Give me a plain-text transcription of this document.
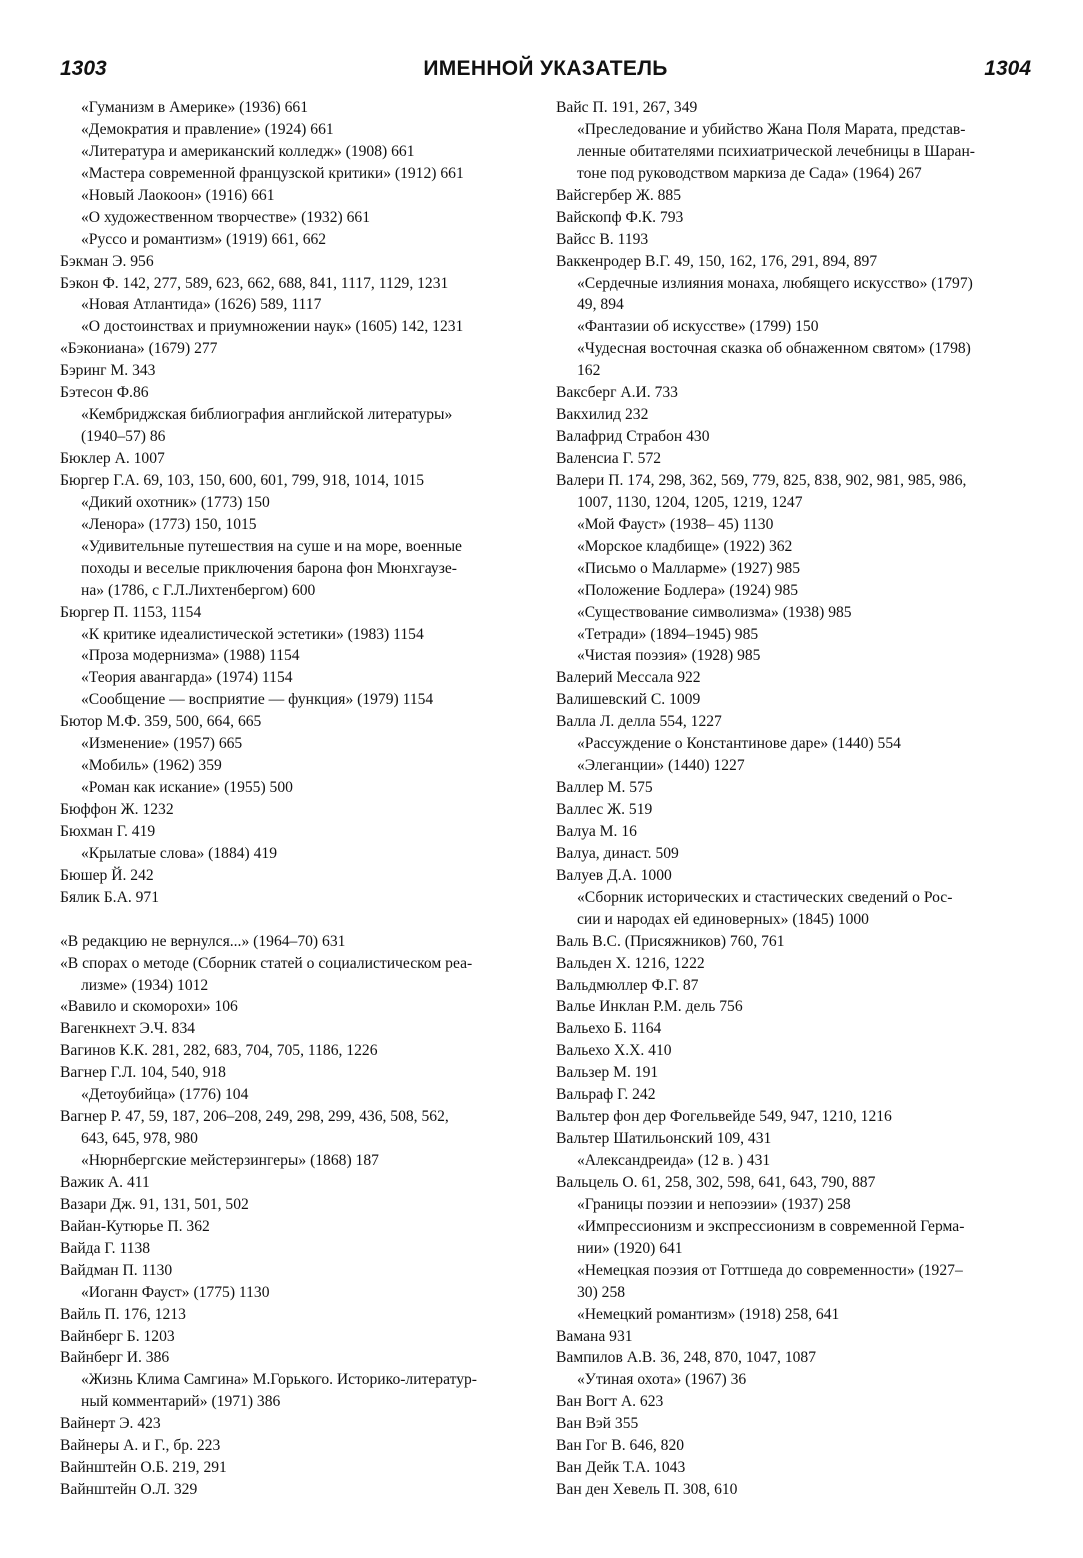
1303	ИМЕННОЙ УКАЗАТЕЛЬ	1304
«Гуманизм в Америке» (1936) 661
«Демократия и правление» (1924) 661
«Литература и американский колледж» (1908) 661
«Мастера современной французской критики» (1912) 661
«Новый Лаокоон» (1916) 661
«О художественном творчестве» (1932) 661
«Руссо и романтизм» (1919) 661, 662
Бэкман Э. 956
Бэкон Ф. 142, 277, 589, 623, 662, 688, 841, 1117, 1129, 1231
«Новая Атлантида» (1626) 589, 1117
«О достоинствах и приумножении наук» (1605) 142, 1231
«Бэкониана» (1679) 277
Бэринг М. 343
Бэтесон Ф.86
«Кембриджская библиография английской литературы»
(1940–57) 86
Бюклер А. 1007
Бюргер Г.А. 69, 103, 150, 600, 601, 799, 918, 1014, 1015
«Дикий охотник» (1773) 150
«Ленора» (1773) 150, 1015
«Удивительные путешествия на суше и на море, военные
походы и веселые приключения барона фон Мюнхгаузе-
на» (1786, с Г.Л.Лихтенбергом) 600
Бюргер П. 1153, 1154
«К критике идеалистической эстетики» (1983) 1154
«Проза модернизма» (1988) 1154
«Теория авангарда» (1974) 1154
«Сообщение — восприятие — функция» (1979) 1154
Бютор М.Ф. 359, 500, 664, 665
«Изменение» (1957) 665
«Мобиль» (1962) 359
«Роман как искание» (1955) 500
Бюффон Ж. 1232
Бюхман Г. 419
«Крылатые слова» (1884) 419
Бюшер Й. 242
Бялик Б.А. 971
«В редакцию не вернулся...» (1964–70) 631
«В спорах о методе (Сборник статей о социалистическом реа-
лизме» (1934) 1012
«Вавило и скоморохи» 106
Вагенкнехт Э.Ч. 834
Вагинов К.К. 281, 282, 683, 704, 705, 1186, 1226
Вагнер Г.Л. 104, 540, 918
«Детоубийца» (1776) 104
Вагнер Р. 47, 59, 187, 206–208, 249, 298, 299, 436, 508, 562,
643, 645, 978, 980
«Нюрнбергские мейстерзингеры» (1868) 187
Важик А. 411
Вазари Дж. 91, 131, 501, 502
Вайан-Кутюрье П. 362
Вайда Г. 1138
Вайдман П. 1130
«Иоганн Фауст» (1775) 1130
Вайль П. 176, 1213
Вайнберг Б. 1203
Вайнберг И. 386
«Жизнь Клима Самгина» М.Горького. Историко-литератур-
ный комментарий» (1971) 386
Вайнерт Э. 423
Вайнеры А. и Г., бр. 223
Вайнштейн О.Б. 219, 291
Вайнштейн О.Л. 329
Вайс П. 191, 267, 349
«Преследование и убийство Жана Поля Марата, представ-
ленные обитателями психиатрической лечебницы в Шаран-
тоне под руководством маркиза де Сада» (1964) 267
Вайсгербер Ж. 885
Вайскопф Ф.К. 793
Вайсс В. 1193
Ваккенродер В.Г. 49, 150, 162, 176, 291, 894, 897
«Сердечные излияния монаха, любящего искусство» (1797)
49, 894
«Фантазии об искусстве» (1799) 150
«Чудесная восточная сказка об обнаженном святом» (1798)
162
Ваксберг А.И. 733
Вакхилид 232
Валафрид Страбон 430
Валенсиа Г. 572
Валери П. 174, 298, 362, 569, 779, 825, 838, 902, 981, 985, 986,
1007, 1130, 1204, 1205, 1219, 1247
«Мой Фауст» (1938– 45) 1130
«Морское кладбище» (1922) 362
«Письмо о Малларме» (1927) 985
«Положение Бодлера» (1924) 985
«Существование символизма» (1938) 985
«Тетради» (1894–1945) 985
«Чистая поэзия» (1928) 985
Валерий Мессала 922
Валишевский С. 1009
Валла Л. делла 554, 1227
«Рассуждение о Константинове даре» (1440) 554
«Элеганции» (1440) 1227
Валлер М. 575
Валлес Ж. 519
Валуа М. 16
Валуа, династ. 509
Валуев Д.А. 1000
«Сборник исторических и стастических сведений о Рос-
сии и народах ей единоверных» (1845) 1000
Валь В.С. (Присяжников) 760, 761
Вальден Х. 1216, 1222
Вальдмюллер Ф.Г. 87
Валье Инклан Р.М. дель 756
Вальехо Б. 1164
Вальехо Х.Х. 410
Вальзер М. 191
Вальраф Г. 242
Вальтер фон дер Фогельвейде 549, 947, 1210, 1216
Вальтер Шатильонский 109, 431
«Александреида» (12 в. ) 431
Вальцель О. 61, 258, 302, 598, 641, 643, 790, 887
«Границы поэзии и непоэзии» (1937) 258
«Импрессионизм и экспрессионизм в современной Герма-
нии» (1920) 641
«Немецкая поэзия от Готтшеда до современности» (1927–
30) 258
«Немецкий романтизм» (1918) 258, 641
Вамана 931
Вампилов А.В. 36, 248, 870, 1047, 1087
«Утиная охота» (1967) 36
Ван Вогт А. 623
Ван Вэй 355
Ван Гог В. 646, 820
Ван Дейк Т.А. 1043
Ван ден Хевель П. 308, 610
